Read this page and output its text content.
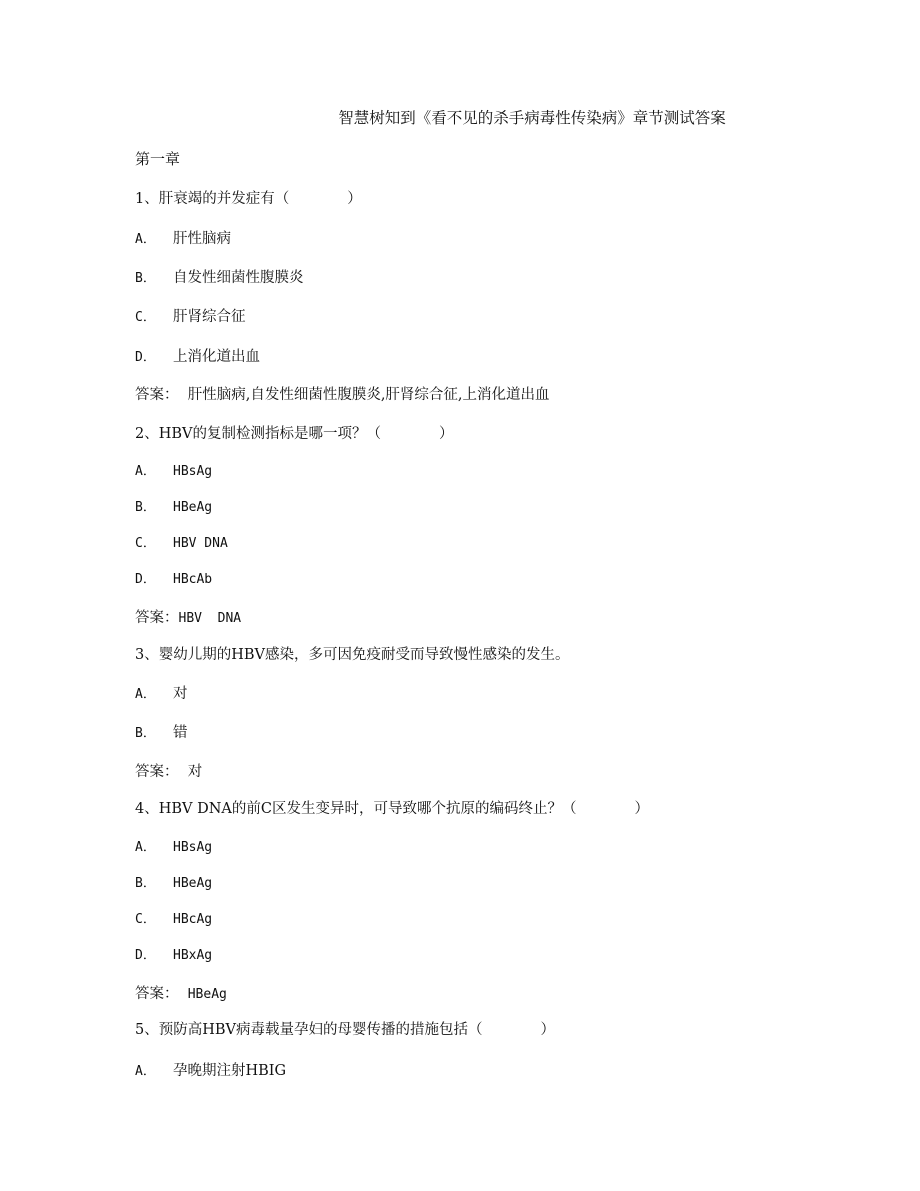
智慧树知到《看不见的杀手病毒性传染病》章节测试答案
第一章
1、肝衰竭的并发症有（　　　　）
A． 肝性脑病
B． 自发性细菌性腹膜炎
C． 肝肾综合征
D． 上消化道出血
答案： 肝性脑病,自发性细菌性腹膜炎,肝肾综合征,上消化道出血
2、HBV的复制检测指标是哪一项？（　　　　）
A． HBsAg
B． HBeAg
C． HBV DNA
D． HBcAb
答案：HBV  DNA
3、婴幼儿期的HBV感染，多可因免疫耐受而导致慢性感染的发生。
A． 对
B． 错
答案： 对
4、HBV DNA的前C区发生变异时，可导致哪个抗原的编码终止？（　　　　）
A． HBsAg
B． HBeAg
C． HBcAg
D． HBxAg
答案： HBeAg
5、预防高HBV病毒载量孕妇的母婴传播的措施包括（　　　　）
A． 孕晚期注射HBIG
